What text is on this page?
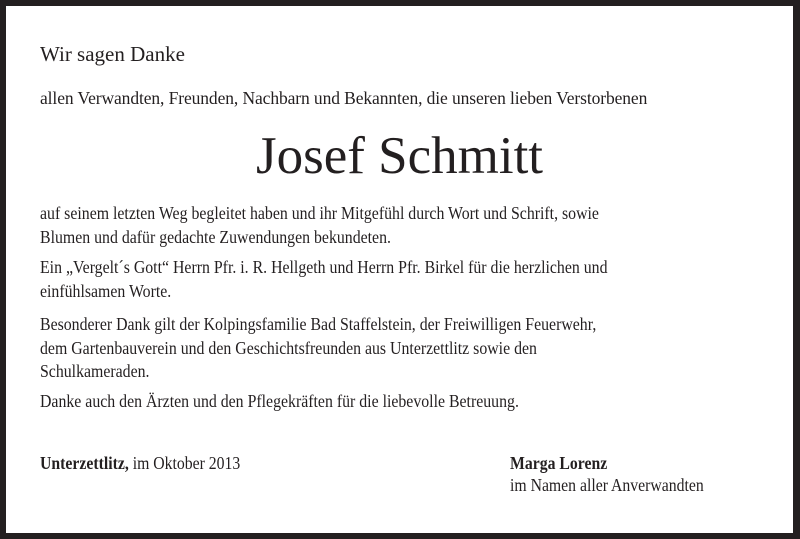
Wir sagen Danke

allen Verwandten, Freunden, Nachbarn und Bekannten, die unseren lieben Verstorbenen

Josef Schmitt

auf seinem letzten Weg begleitet haben und ihr Mitgefühl durch Wort und Schrift, sowie
Blumen und dafür gedachte Zuwendungen bekundeten.
Ein „Vergelt´s Gott“ Herrn Pfr. i. R. Hellgeth und Herrn Pfr. Birkel für die herzlichen und
einfühlsamen Worte.
Besonderer Dank gilt der Kolpingsfamilie Bad Staffelstein, der Freiwilligen Feuerwehr,
dem Gartenbauverein und den Geschichtsfreunden aus Unterzettlitz sowie den
Schulkameraden.
Danke auch den Ärzten und den Pflegekräften für die liebevolle Betreuung.
Unterzettlitz, im Oktober 2013	Marga Lorenz
im Namen aller Anverwandten
